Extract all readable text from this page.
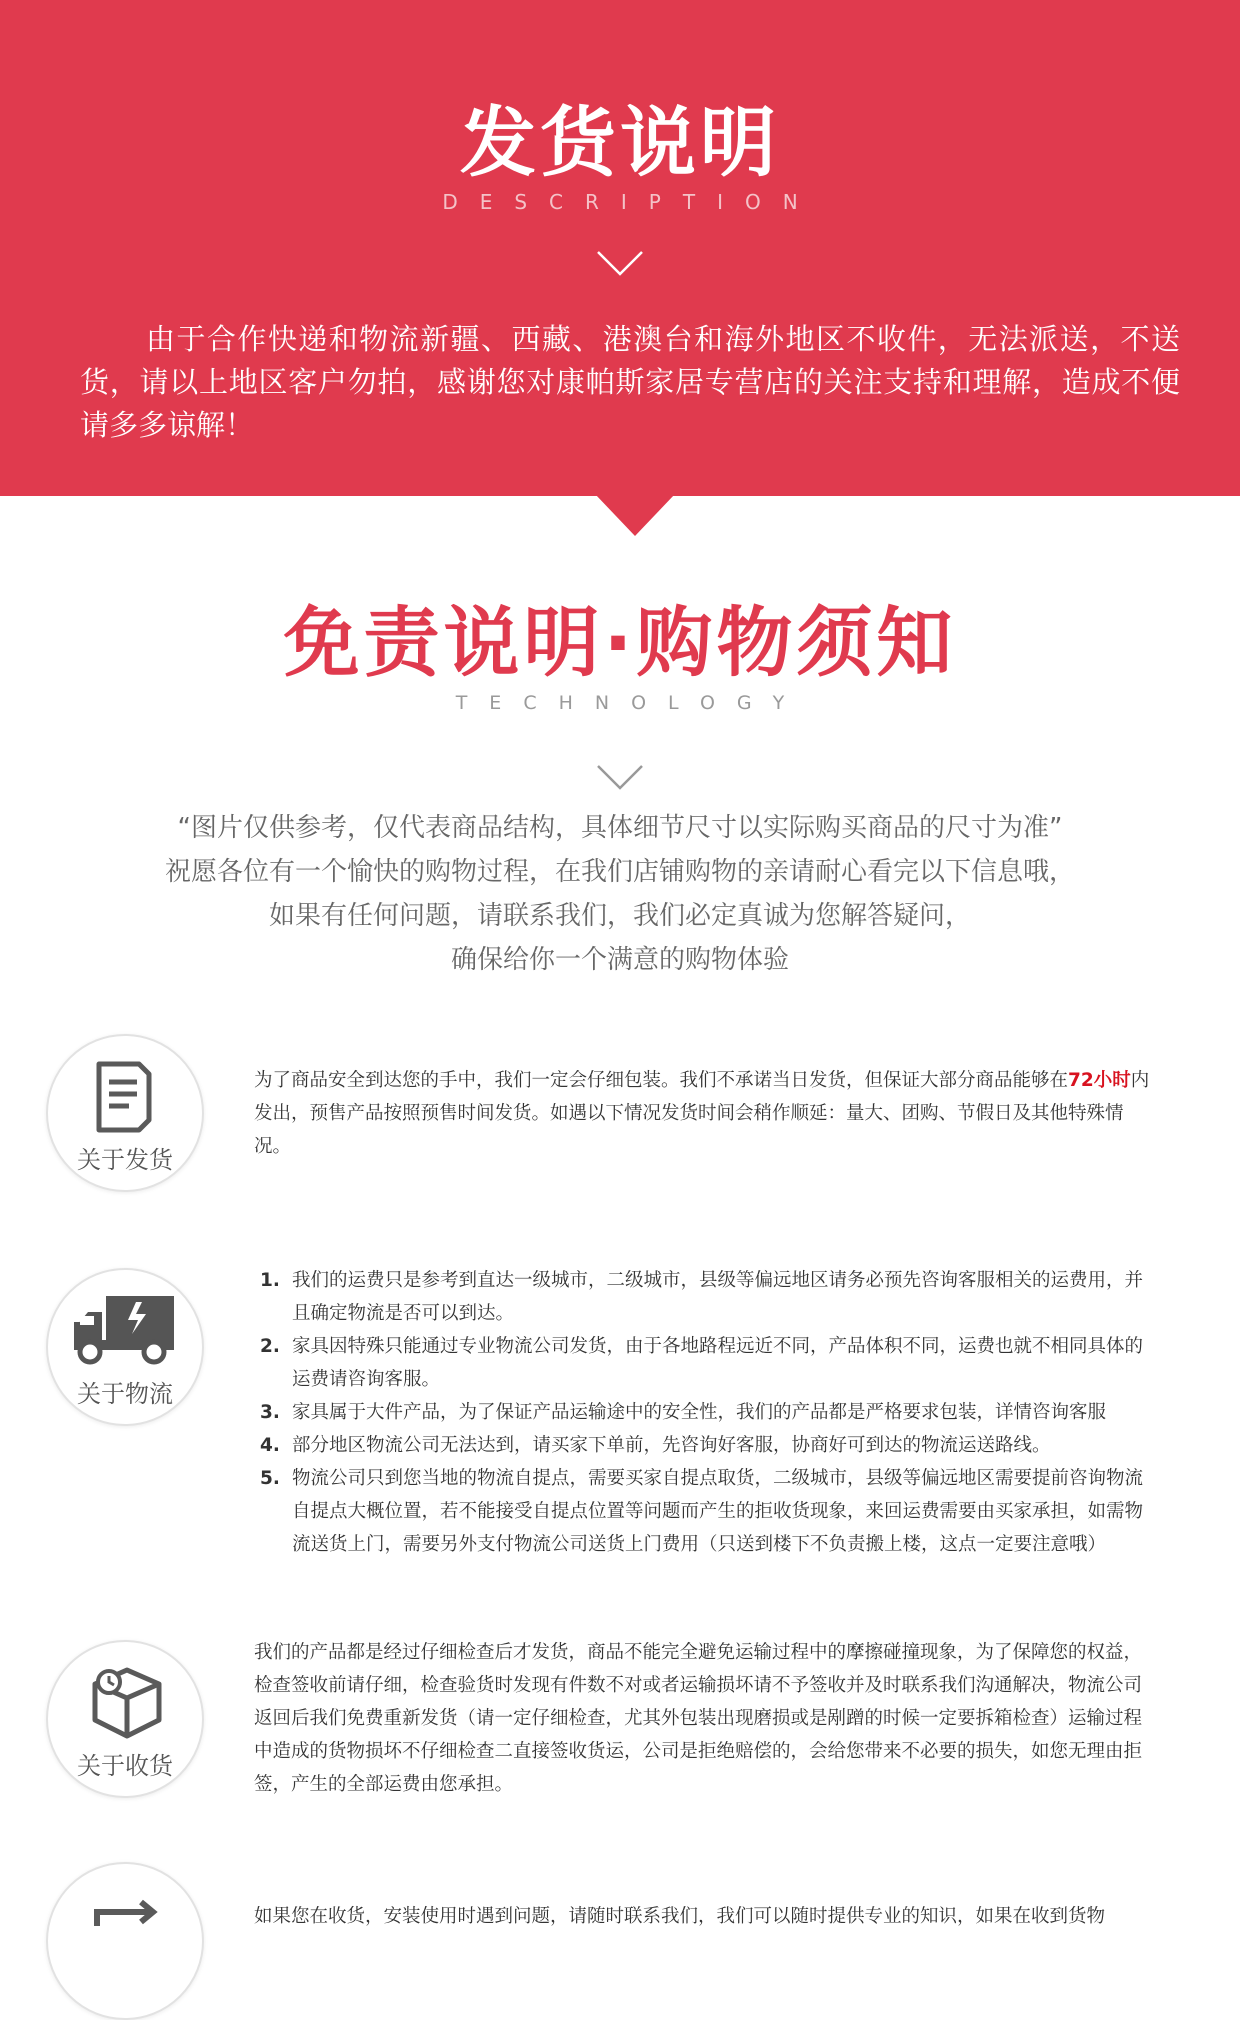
发货说明
DESCRIPTION
由于合作快递和物流新疆、西藏、港澳台和海外地区不收件，无法派送，不送货，请以上地区客户勿拍，感谢您对康帕斯家居专营店的关注支持和理解，造成不便请多多谅解！
免责说明·购物须知
TECHNOLOGY
“图片仅供参考，仅代表商品结构，具体细节尺寸以实际购买商品的尺寸为准”
祝愿各位有一个愉快的购物过程，在我们店铺购物的亲请耐心看完以下信息哦，
如果有任何问题，请联系我们，我们必定真诚为您解答疑问，
确保给你一个满意的购物体验
关于发货
为了商品安全到达您的手中，我们一定会仔细包装。我们不承诺当日发货，但保证大部分商品能够在72小时内发出，预售产品按照预售时间发货。如遇以下情况发货时间会稍作顺延：量大、团购、节假日及其他特殊情况。
关于物流
1. 我们的运费只是参考到直达一级城市，二级城市，县级等偏远地区请务必预先咨询客服相关的运费用，并且确定物流是否可以到达。
2. 家具因特殊只能通过专业物流公司发货，由于各地路程远近不同，产品体积不同，运费也就不相同具体的运费请咨询客服。
3. 家具属于大件产品，为了保证产品运输途中的安全性，我们的产品都是严格要求包装，详情咨询客服
4. 部分地区物流公司无法达到，请买家下单前，先咨询好客服，协商好可到达的物流运送路线。
5. 物流公司只到您当地的物流自提点，需要买家自提点取货，二级城市，县级等偏远地区需要提前咨询物流自提点大概位置，若不能接受自提点位置等问题而产生的拒收货现象，来回运费需要由买家承担，如需物流送货上门，需要另外支付物流公司送货上门费用（只送到楼下不负责搬上楼，这点一定要注意哦）
关于收货
我们的产品都是经过仔细检查后才发货，商品不能完全避免运输过程中的摩擦碰撞现象，为了保障您的权益，检查签收前请仔细，检查验货时发现有件数不对或者运输损坏请不予签收并及时联系我们沟通解决，物流公司返回后我们免费重新发货（请一定仔细检查，尤其外包装出现磨损或是剐蹭的时候一定要拆箱检查）运输过程中造成的货物损坏不仔细检查二直接签收货运，公司是拒绝赔偿的，会给您带来不必要的损失，如您无理由拒签，产生的全部运费由您承担。
如果您在收货，安装使用时遇到问题，请随时联系我们，我们可以随时提供专业的知识，如果在收到货物
